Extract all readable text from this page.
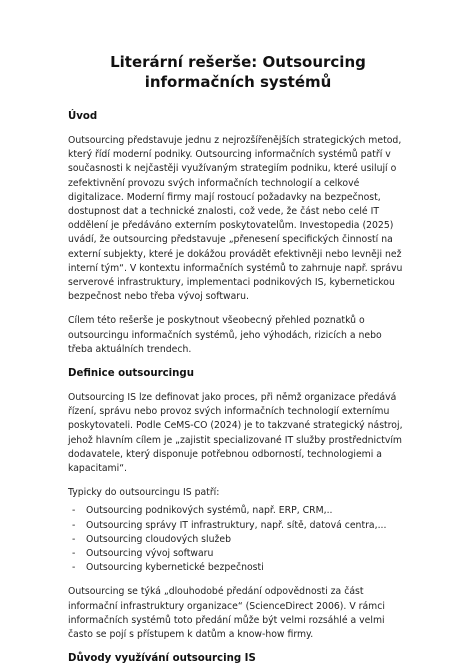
Literární rešerše: Outsourcing informačních systémů
Úvod

Outsourcing představuje jednu z nejrozšířenějších strategických metod, který řídí moderní podniky. Outsourcing informačních systémů patří v současnosti k nejčastěji využívaným strategiím podniku, které usilují o zefektivnění provozu svých informačních technologií a celkové digitalizace. Moderní firmy mají rostoucí požadavky na bezpečnost, dostupnost dat a technické znalosti, což vede, že část nebo celé IT oddělení je předáváno externím poskytovatelům. Investopedia (2025) uvádí, že outsourcing představuje „přenesení specifických činností na externí subjekty, které je dokážou provádět efektivněji nebo levněji než interní tým“. V kontextu informačních systémů to zahrnuje např. správu serverové infrastruktury, implementaci podnikových IS, kybernetickou bezpečnost nebo třeba vývoj softwaru.

Cílem této rešerše je poskytnout všeobecný přehled poznatků o outsourcingu informačních systémů, jeho výhodách, rizicích a nebo třeba aktuálních trendech.

Definice outsourcingu

Outsourcing IS lze definovat jako proces, při němž organizace předává řízení, správu nebo provoz svých informačních technologií externímu poskytovateli. Podle CeMS-CO (2024) je to takzvané strategický nástroj, jehož hlavním cílem je „zajistit specializované IT služby prostřednictvím dodavatele, který disponuje potřebnou odborností, technologiemi a kapacitami“.

Typicky do outsourcingu IS patří:

- Outsourcing podnikových systémů, např. ERP, CRM,..
- Outsourcing správy IT infrastruktury, např. sítě, datová centra,...
- Outsourcing cloudových služeb
- Outsourcing vývoj softwaru
- Outsourcing kybernetické bezpečnosti

Outsourcing se týká „dlouhodobé předání odpovědnosti za část informační infrastruktury organizace“ (ScienceDirect 2006). V rámci informačních systémů toto předání může být velmi rozsáhlé a velmi často se pojí s přístupem k datům a know-how firmy.

Důvody využívání outsourcing IS
